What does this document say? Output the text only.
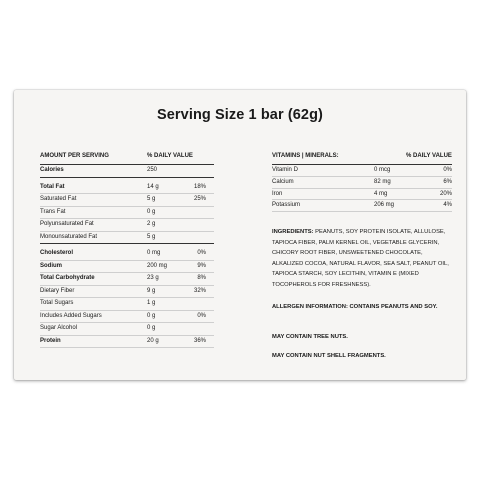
Serving Size 1 bar (62g)
AMOUNT PER SERVING	% DAILY VALUE
Calories	250
Total Fat	14 g	18%
Saturated Fat	5 g	25%
Trans Fat	0 g
Polyunsaturated Fat	2 g
Monounsaturated Fat	5 g
Cholesterol	0 mg	0%
Sodium	200 mg	9%
Total Carbohydrate	23 g	8%
Dietary Fiber	9 g	32%
Total Sugars	1 g
Includes Added Sugars	0 g	0%
Sugar Alcohol	0 g
Protein	20 g	36%
VITAMINS | MINERALS:	% DAILY VALUE
Vitamin D	0 mcg	0%
Calcium	82 mg	6%
Iron	4 mg	20%
Potassium	206 mg	4%
INGREDIENTS: PEANUTS, SOY PROTEIN ISOLATE, ALLULOSE, TAPIOCA FIBER, PALM KERNEL OIL, VEGETABLE GLYCERIN, CHICORY ROOT FIBER, UNSWEETENED CHOCOLATE, ALKALIZED COCOA, NATURAL FLAVOR, SEA SALT, PEANUT OIL, TAPIOCA STARCH, SOY LECITHIN, VITAMIN E (MIXED TOCOPHEROLS FOR FRESHNESS).
ALLERGEN INFORMATION: CONTAINS PEANUTS AND SOY.
MAY CONTAIN TREE NUTS.
MAY CONTAIN NUT SHELL FRAGMENTS.
